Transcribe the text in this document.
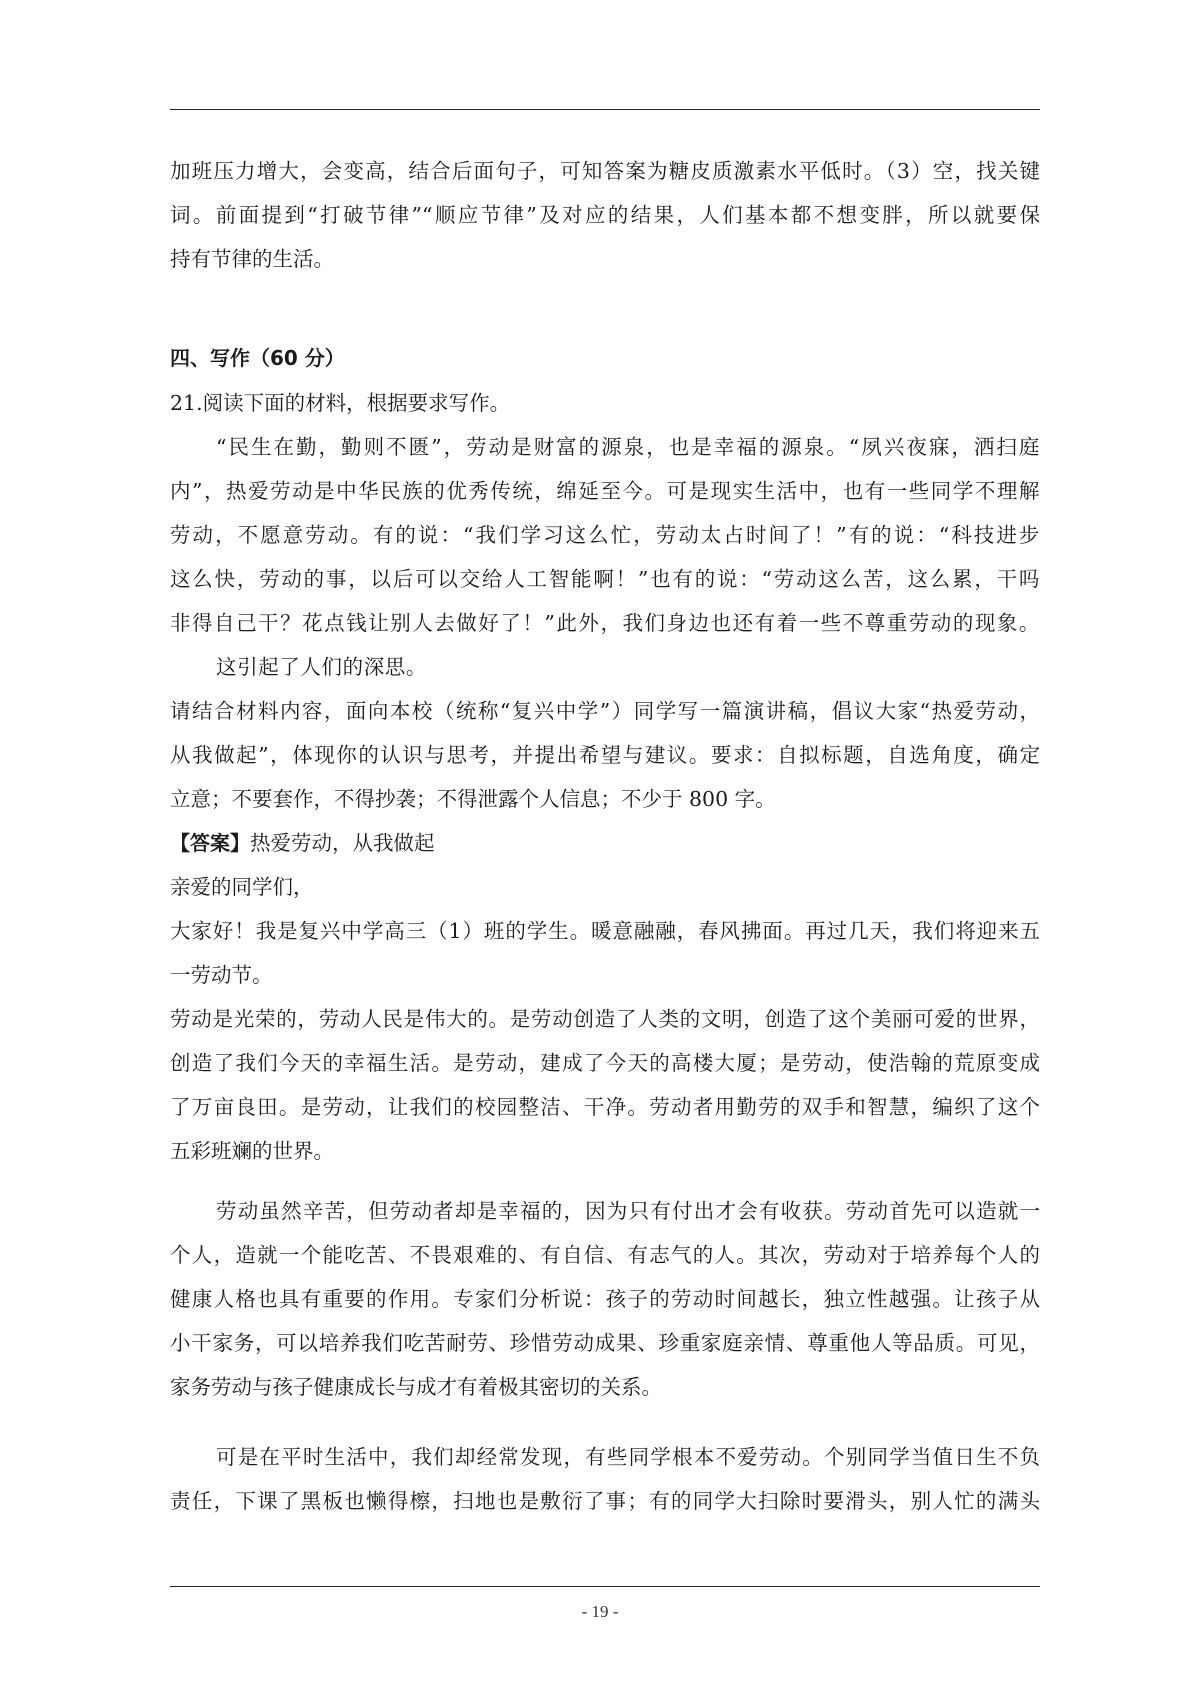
加班压力增大，会变高，结合后面句子，可知答案为糖皮质激素水平低时。（3）空，找关键
词。前面提到“打破节律”“顺应节律”及对应的结果，人们基本都不想变胖，所以就要保
持有节律的生活。
四、写作（60 分）
21.阅读下面的材料，根据要求写作。
“民生在勤，勤则不匮”，劳动是财富的源泉，也是幸福的源泉。“夙兴夜寐，洒扫庭
内”，热爱劳动是中华民族的优秀传统，绵延至今。可是现实生活中，也有一些同学不理解
劳动，不愿意劳动。有的说：“我们学习这么忙，劳动太占时间了！”有的说：“科技进步
这么快，劳动的事，以后可以交给人工智能啊！”也有的说：“劳动这么苦，这么累，干吗
非得自己干？花点钱让别人去做好了！”此外，我们身边也还有着一些不尊重劳动的现象。
这引起了人们的深思。
请结合材料内容，面向本校（统称“复兴中学”）同学写一篇演讲稿，倡议大家“热爱劳动，
从我做起”，体现你的认识与思考，并提出希望与建议。要求：自拟标题，自选角度，确定
立意；不要套作，不得抄袭；不得泄露个人信息；不少于 800 字。
【答案】热爱劳动，从我做起
亲爱的同学们，
大家好！我是复兴中学高三（1）班的学生。暖意融融，春风拂面。再过几天，我们将迎来五
一劳动节。
劳动是光荣的，劳动人民是伟大的。是劳动创造了人类的文明，创造了这个美丽可爱的世界，
创造了我们今天的幸福生活。是劳动，建成了今天的高楼大厦；是劳动，使浩翰的荒原变成
了万亩良田。是劳动，让我们的校园整洁、干净。劳动者用勤劳的双手和智慧，编织了这个
五彩班斓的世界。
劳动虽然辛苦，但劳动者却是幸福的，因为只有付出才会有收获。劳动首先可以造就一
个人，造就一个能吃苦、不畏艰难的、有自信、有志气的人。其次，劳动对于培养每个人的
健康人格也具有重要的作用。专家们分析说：孩子的劳动时间越长，独立性越强。让孩子从
小干家务，可以培养我们吃苦耐劳、珍惜劳动成果、珍重家庭亲情、尊重他人等品质。可见，
家务劳动与孩子健康成长与成才有着极其密切的关系。
可是在平时生活中，我们却经常发现，有些同学根本不爱劳动。个别同学当值日生不负
责任，下课了黑板也懒得檫，扫地也是敷衍了事；有的同学大扫除时要滑头，别人忙的满头
- 19 -
